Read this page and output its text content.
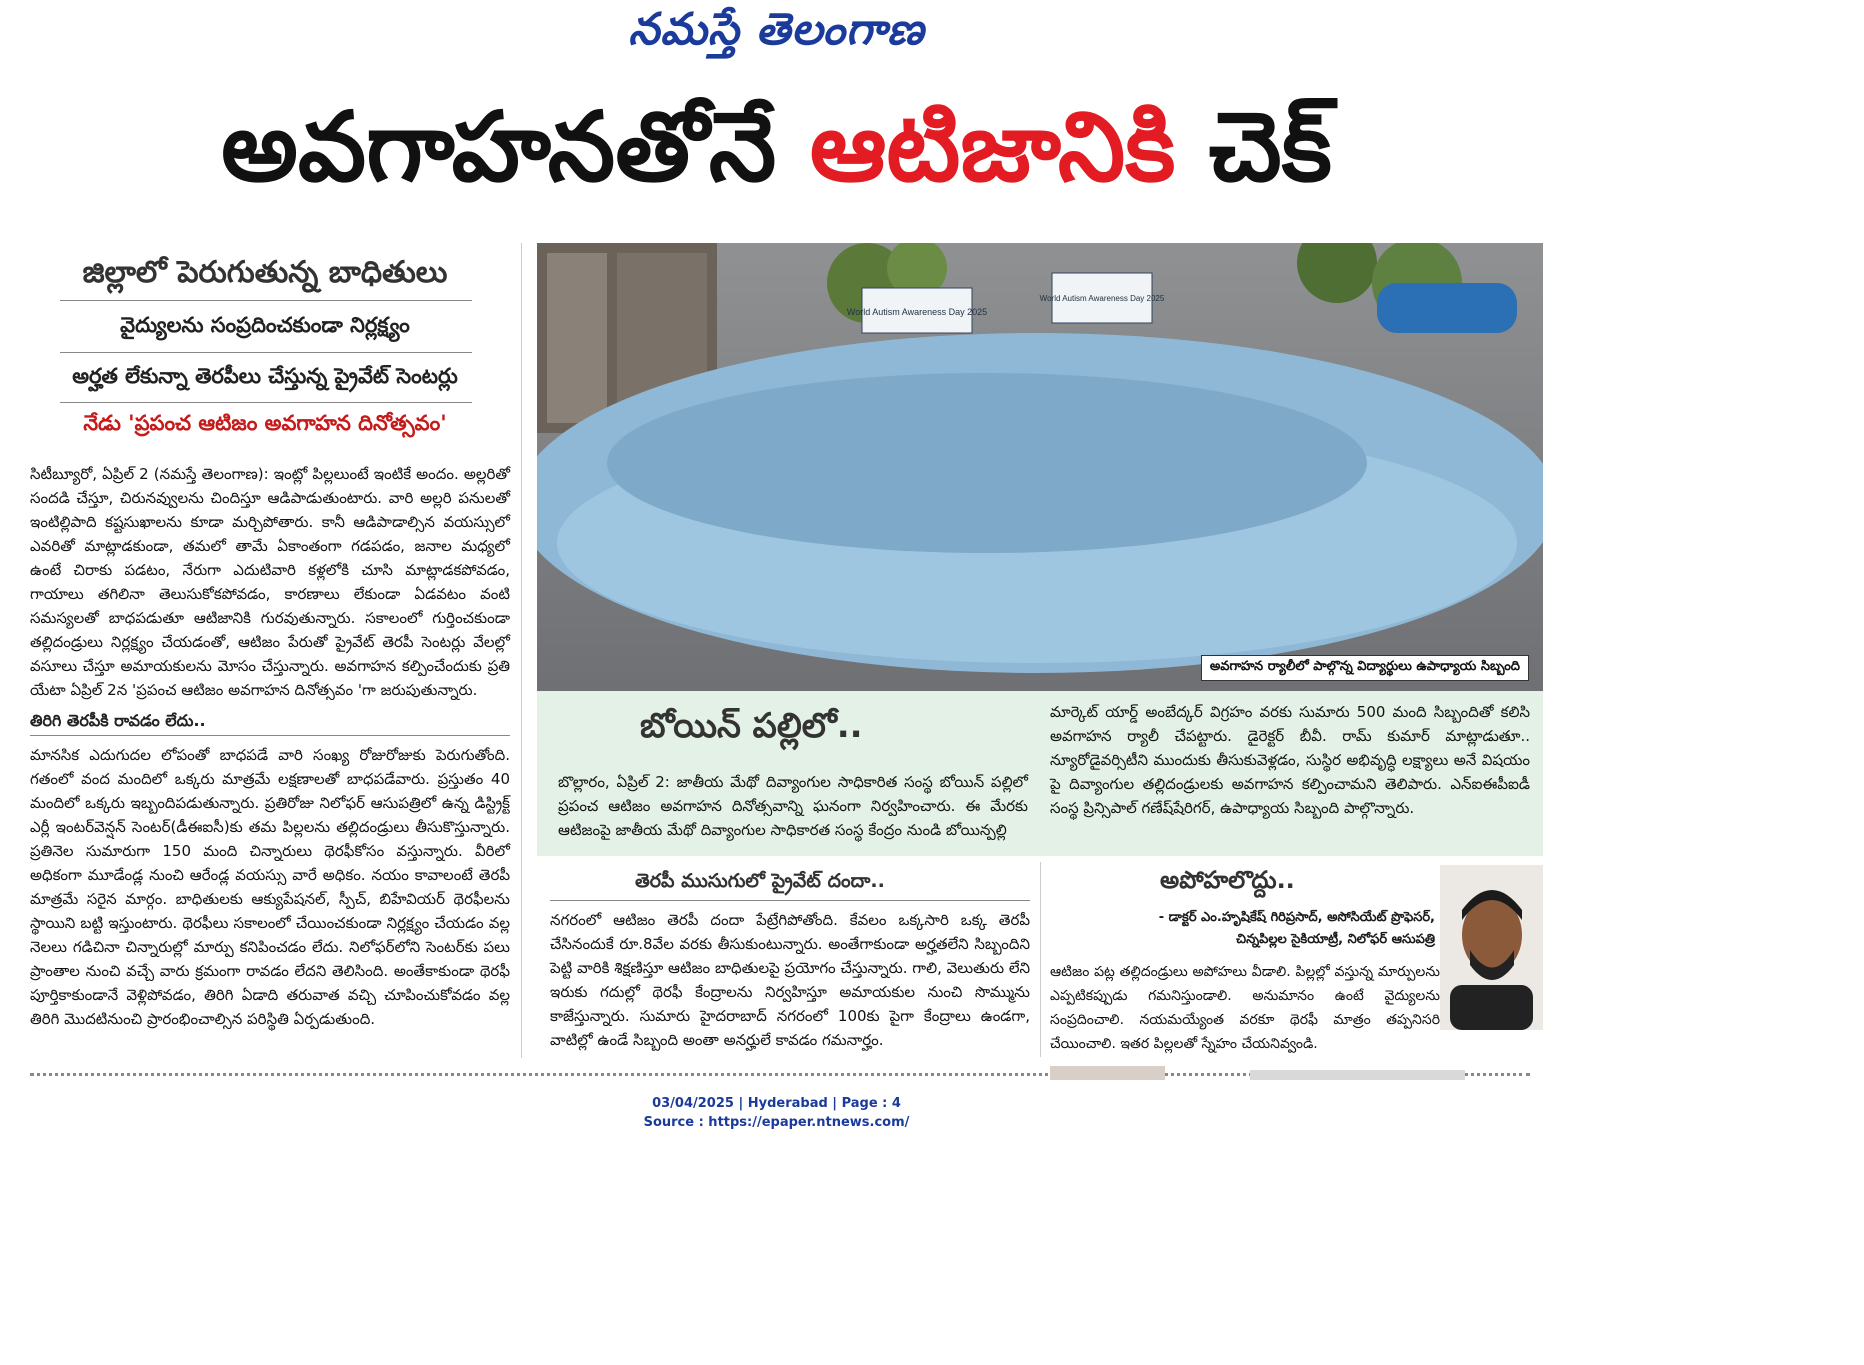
నమస్తే తెలంగాణ
అవగాహనతోనే ఆటిజానికి చెక్
జిల్లాలో పెరుగుతున్న బాధితులు
వైద్యులను సంప్రదించకుండా నిర్లక్ష్యం
అర్హత లేకున్నా తెరపీలు చేస్తున్న ప్రైవేట్ సెంటర్లు
నేడు 'ప్రపంచ ఆటిజం అవగాహన దినోత్సవం'
సిటీబ్యూరో, ఏప్రిల్ 2 (నమస్తే తెలంగాణ): ఇంట్లో పిల్లలుంటే ఇంటికే అందం. అల్లరితో సందడి చేస్తూ, చిరునవ్వులను చిందిస్తూ ఆడిపాడుతుంటారు. వారి అల్లరి పనులతో ఇంటిల్లిపాది కష్టసుఖాలను కూడా మర్చిపోతారు. కానీ ఆడిపాడాల్సిన వయస్సులో ఎవరితో మాట్లాడకుండా, తమలో తామే ఏకాంతంగా గడపడం, జనాల మధ్యలో ఉంటే చిరాకు పడటం, నేరుగా ఎదుటివారి కళ్లలోకి చూసి మాట్లాడకపోవడం, గాయాలు తగిలినా తెలుసుకోకపోవడం, కారణాలు లేకుండా ఏడవటం వంటి సమస్యలతో బాధపడుతూ ఆటిజానికి గురవుతున్నారు. సకాలంలో గుర్తించకుండా తల్లిదండ్రులు నిర్లక్ష్యం చేయడంతో, ఆటిజం పేరుతో ప్రైవేట్ తెరపీ సెంటర్లు వేలల్లో వసూలు చేస్తూ అమాయకులను మోసం చేస్తున్నారు. అవగాహన కల్పించేందుకు ప్రతి యేటా ఏప్రిల్ 2న 'ప్రపంచ ఆటిజం అవగాహన దినోత్సవం 'గా జరుపుతున్నారు.
తిరిగి తెరపీకి రావడం లేదు..
మానసిక ఎదుగుదల లోపంతో బాధపడే వారి సంఖ్య రోజురోజుకు పెరుగుతోంది. గతంలో వంద మందిలో ఒక్కరు మాత్రమే లక్షణాలతో బాధపడేవారు. ప్రస్తుతం 40 మందిలో ఒక్కరు ఇబ్బందిపడుతున్నారు. ప్రతిరోజు నిలోఫర్ ఆసుపత్రిలో ఉన్న డిస్ట్రిక్ట్ ఎర్లీ ఇంటర్‌వెన్షన్ సెంటర్(డీఈఐసీ)కు తమ పిల్లలను తల్లిదండ్రులు తీసుకొస్తున్నారు. ప్రతినెల సుమారుగా 150 మంది చిన్నారులు థెరఫీకోసం వస్తున్నారు. వీరిలో అధికంగా మూడేండ్ల నుంచి ఆరేండ్ల వయస్సు వారే అధికం. నయం కావాలంటే తెరపీ మాత్రమే సరైన మార్గం. బాధితులకు ఆక్యుపేషనల్, స్పీచ్, బిహేవియర్ థెరఫీలను స్థాయిని బట్టి ఇస్తుంటారు. థెరఫీలు సకాలంలో చేయించకుండా నిర్లక్ష్యం చేయడం వల్ల నెలలు గడిచినా చిన్నారుల్లో మార్పు కనిపించడం లేదు. నిలోఫర్‌లోని సెంటర్‌కు పలు ప్రాంతాల నుంచి వచ్చే వారు క్రమంగా రావడం లేదని తెలిసింది. అంతేకాకుండా థెరఫీ పూర్తికాకుండానే వెళ్లిపోవడం, తిరిగి ఏడాది తరువాత వచ్చి చూపించుకోవడం వల్ల తిరిగి మొదటినుంచి ప్రారంభించాల్సిన పరిస్థితి ఏర్పడుతుంది.
World Autism Awareness Day 2025
World Autism Awareness Day 2025
అవగాహన ర్యాలీలో పాల్గొన్న విద్యార్థులు ఉపాధ్యాయ సిబ్బంది
బోయిన్ పల్లిలో..
బొల్లారం, ఏప్రిల్ 2: జాతీయ మేథో దివ్యాంగుల సాధికారిత సంస్థ బోయిన్ పల్లిలో ప్రపంచ ఆటిజం అవగాహన దినోత్సవాన్ని ఘనంగా నిర్వహించారు. ఈ మేరకు ఆటిజంపై జాతీయ మేథో దివ్యాంగుల సాధికారత సంస్థ కేంద్రం నుండి బోయిన్పల్లి
మార్కెట్ యార్డ్ అంబేద్కర్ విగ్రహం వరకు సుమారు 500 మంది సిబ్బందితో కలిసి అవగాహన ర్యాలీ చేపట్టారు. డైరెక్టర్ బీవీ. రామ్ కుమార్ మాట్లాడుతూ.. న్యూరోడైవర్సిటీని ముందుకు తీసుకువెళ్లడం, సుస్థిర అభివృద్ధి లక్ష్యాలు అనే విషయం పై దివ్యాంగుల తల్లిదండ్రులకు అవగాహన కల్పించామని తెలిపారు. ఎన్ఐఈపీఐడీ సంస్థ ప్రిన్సిపాల్ గణేష్‌షేరిగర్, ఉపాధ్యాయ సిబ్బంది పాల్గొన్నారు.
తెరపీ ముసుగులో ప్రైవేట్ దందా..
నగరంలో ఆటిజం తెరపీ దందా పేట్రేగిపోతోంది. కేవలం ఒక్కసారి ఒక్క తెరపీ చేసినందుకే రూ.8వేల వరకు తీసుకుంటున్నారు. అంతేగాకుండా అర్హతలేని సిబ్బందిని పెట్టి వారికి శిక్షణిస్తూ ఆటిజం బాధితులపై ప్రయోగం చేస్తున్నారు. గాలి, వెలుతురు లేని ఇరుకు గదుల్లో థెరఫీ కేంద్రాలను నిర్వహిస్తూ అమాయకుల నుంచి సొమ్మును కాజేస్తున్నారు. సుమారు హైదరాబాద్ నగరంలో 100కు పైగా కేంద్రాలు ఉండగా, వాటిల్లో ఉండే సిబ్బంది అంతా అనర్హులే కావడం గమనార్హం.
అపోహలొద్దు..
- డాక్టర్ ఎం.హృషికేష్ గిరిప్రసాద్, అసోసియేట్ ప్రొఫెసర్,
చిన్నపిల్లల సైకియాట్రీ, నిలోఫర్ ఆసుపత్రి
ఆటిజం పట్ల తల్లిదండ్రులు అపోహలు వీడాలి. పిల్లల్లో వస్తున్న మార్పులను ఎప్పటికప్పుడు గమనిస్తుండాలి. అనుమానం ఉంటే వైద్యులను సంప్రదించాలి. నయమయ్యేంత వరకూ థెరఫీ మాత్రం తప్పనిసరి చేయించాలి. ఇతర పిల్లలతో స్నేహం చేయనివ్వండి.
03/04/2025 | Hyderabad | Page : 4
Source : https://epaper.ntnews.com/
